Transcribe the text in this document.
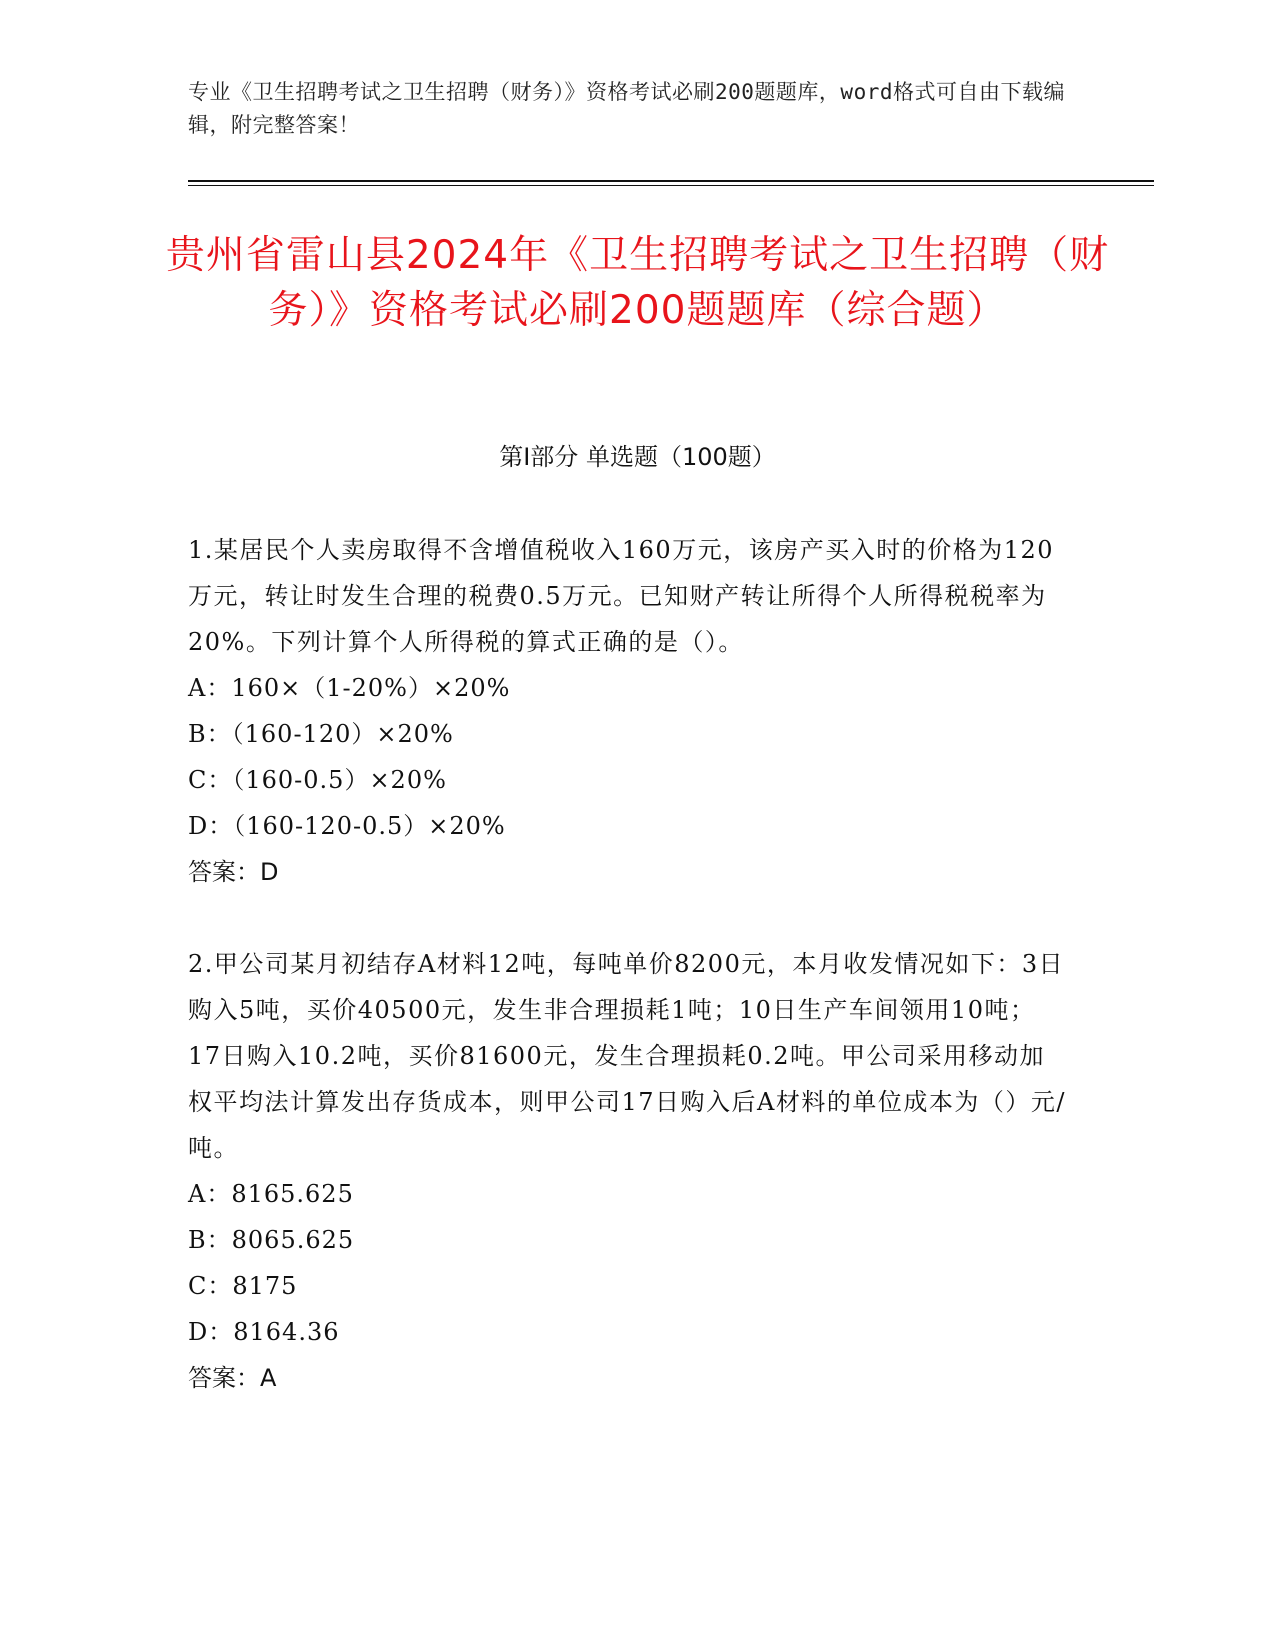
专业《卫生招聘考试之卫生招聘（财务）》资格考试必刷200题题库，word格式可自由下载编辑，附完整答案！
贵州省雷山县2024年《卫生招聘考试之卫生招聘（财务）》资格考试必刷200题题库（综合题）
第Ⅰ部分 单选题（100题）

1.某居民个人卖房取得不含增值税收入160万元，该房产买入时的价格为120万元，转让时发生合理的税费0.5万元。已知财产转让所得个人所得税税率为20%。下列计算个人所得税的算式正确的是（）。

A：160×（1-20%）×20%

B：（160-120）×20%

C：（160-0.5）×20%

D：（160-120-0.5）×20%

答案：D

2.甲公司某月初结存A材料12吨，每吨单价8200元，本月收发情况如下：3日购入5吨，买价40500元，发生非合理损耗1吨；10日生产车间领用10吨；17日购入10.2吨，买价81600元，发生合理损耗0.2吨。甲公司采用移动加权平均法计算发出存货成本，则甲公司17日购入后A材料的单位成本为（）元/吨。

A：8165.625

B：8065.625

C：8175

D：8164.36

答案：A
